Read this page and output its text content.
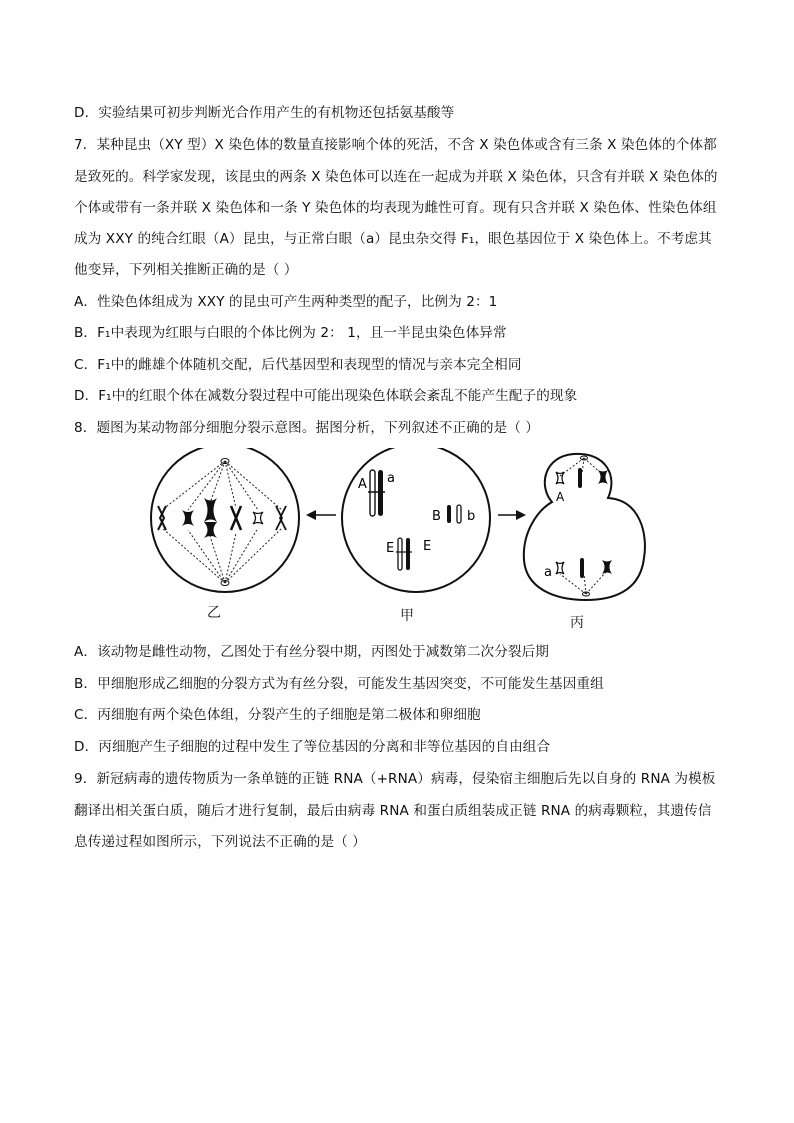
D．实验结果可初步判断光合作用产生的有机物还包括氨基酸等
7．某种昆虫（XY 型）X 染色体的数量直接影响个体的死活，不含 X 染色体或含有三条 X 染色体的个体都
是致死的。科学家发现，该昆虫的两条 X 染色体可以连在一起成为并联 X 染色体，只含有并联 X 染色体的
个体或带有一条并联 X 染色体和一条 Y 染色体的均表现为雌性可育。现有只含并联 X 染色体、性染色体组
成为 XXY 的纯合红眼（A）昆虫，与正常白眼（a）昆虫杂交得 F₁，眼色基因位于 X 染色体上。不考虑其
他变异，下列相关推断正确的是（ ）
A．性染色体组成为 XXY 的昆虫可产生两种类型的配子，比例为 2：1
B．F₁中表现为红眼与白眼的个体比例为 2： 1，且一半昆虫染色体异常
C．F₁中的雌雄个体随机交配，后代基因型和表现型的情况与亲本完全相同
D．F₁中的红眼个体在减数分裂过程中可能出现染色体联会紊乱不能产生配子的现象
8．题图为某动物部分细胞分裂示意图。据图分析，下列叙述不正确的是（ ）
A a
B b
E E
A
a
乙	甲	丙
A．该动物是雌性动物，乙图处于有丝分裂中期，丙图处于减数第二次分裂后期
B．甲细胞形成乙细胞的分裂方式为有丝分裂，可能发生基因突变，不可能发生基因重组
C．丙细胞有两个染色体组，分裂产生的子细胞是第二极体和卵细胞
D．丙细胞产生子细胞的过程中发生了等位基因的分离和非等位基因的自由组合
9．新冠病毒的遗传物质为一条单链的正链 RNA（+RNA）病毒，侵染宿主细胞后先以自身的 RNA 为模板
翻译出相关蛋白质，随后才进行复制，最后由病毒 RNA 和蛋白质组装成正链 RNA 的病毒颗粒，其遗传信
息传递过程如图所示，下列说法不正确的是（ ）
